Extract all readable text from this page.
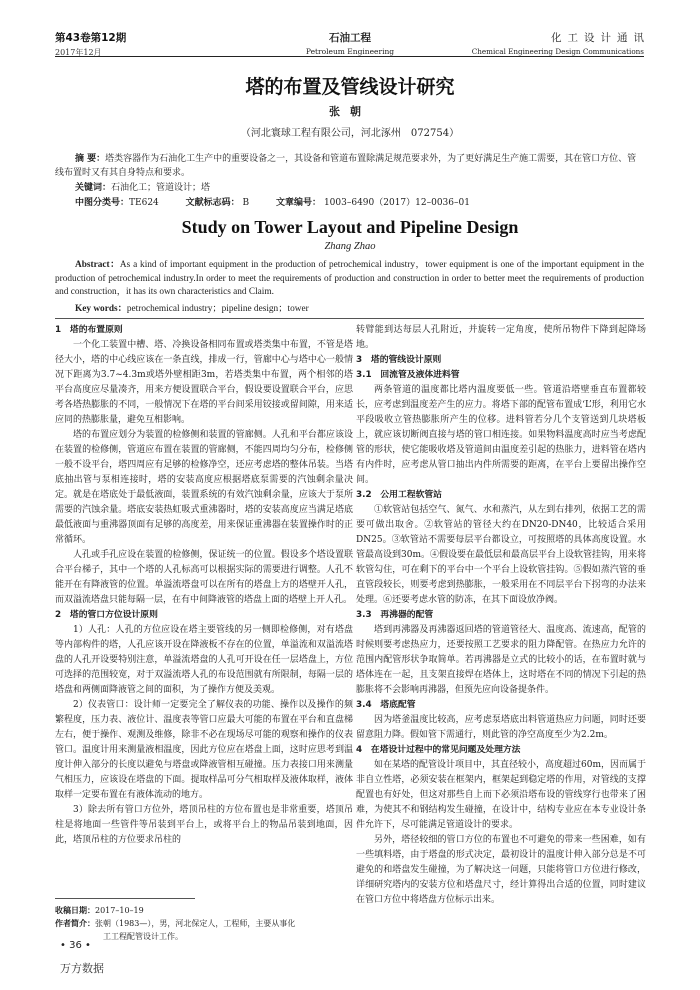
第43卷第12期
2017年12月
石油工程
Petroleum Engineering
化工设计通讯
Chemical Engineering Design Communications
塔的布置及管线设计研究
张朝
（河北寰球工程有限公司，河北涿州　072754）
摘 要：塔类容器作为石油化工生产中的重要设备之一，其设备和管道布置除满足规范要求外，为了更好满足生产施工需要，其在管口方位、管线布置时又有其自身特点和要求。
关键词：石油化工；管道设计；塔
中图分类号：TE624	文献标志码： B	文章编号： 1003–6490（2017）12–0036–01
Study on Tower Layout and Pipeline Design
Zhang Zhao
Abstract：As a kind of important equipment in the production of petrochemical industry，tower equipment is one of the important equipment in the production of petrochemical industry.In order to meet the requirements of production and construction in order to better meet the requirements of production and construction，it has its own characteristics and Claim.
Key words：petrochemical industry；pipeline design；tower

1　塔的布置原则

一个化工装置中槽、塔、冷换设备相同布置或塔类集中布置，不管是塔径大小，塔的中心线应该在一条直线，排成一行，管廊中心与塔中心一般情况下距离为3.7~4.3m或塔外壁相距3m，若塔类集中布置，两个相邻的塔平台高度应尽量凑齐，用来方便设置联合平台，假设要设置联合平台，应思考各塔热膨胀的不同，一般情况下在塔的平台间采用铰接或留间隙，用来适应同的热膨胀量，避免互相影响。

塔的布置应划分为装置的检修侧和装置的管廊侧。人孔和平台都应该设在装置的检修侧，管道应布置在装置的管廊侧，不能四周均匀分布，检修侧一般不设平台，塔四周应有足够的检修净空，还应考虑塔的整体吊装。当塔底抽出管与泵相连接时，塔的安装高度应根据塔底泵需要的汽蚀剩余量决定。就是在塔底处于最低液面，装置系统的有效汽蚀剩余量，应该大于泵所需要的汽蚀余量。塔底安装热虹吸式重沸器时，塔的安装高度应当满足塔底最低液面与重沸器顶面有足够的高度差，用来保证重沸器在装置操作时的正常循环。

人孔或手孔应设在装置的检修侧，保证统一的位置。假设多个塔设置联合平台梯子，其中一个塔的人孔标高可以根据实际的需要进行调整。人孔不能开在有降液管的位置。单溢流塔盘可以在所有的塔盘上方的塔壁开人孔，而双溢流塔盘只能每隔一层，在有中间降液管的塔盘上面的塔壁上开人孔。

2　塔的管口方位设计原则

1）人孔：人孔的方位应设在塔主要管线的另一侧即检修侧，对有塔盘等内部构件的塔，人孔应该开设在降液板不存在的位置，单溢流和双溢流塔盘的人孔开设要特别注意，单溢流塔盘的人孔可开设在任一层塔盘上，方位可选择的范围较宽，对于双溢流塔人孔的布设范围就有所限制，每隔一层的塔盘和两侧面降液管之间的面积，为了操作方便及美观。

2）仪表管口：设计师一定要完全了解仪表的功能、操作以及操作的频繁程度，压力表、液位计、温度表等管口应最大可能的布置在平台和直盘梯左右，便于操作、观测及维修，除非不必在现场尽可能的观察和操作的仪表管口。温度计用来测量液相温度，因此方位应在塔盘上面，这时应思考到温度计伸入部分的长度以避免与塔盘或降液管相互碰撞。压力表接口用来测量气相压力，应该设在塔盘的下面。提取样品可分气相取样及液体取样，液体取样一定要布置在有液体流动的地方。

3）除去所有管口方位外，塔顶吊柱的方位布置也是非常重要，塔顶吊柱是将地面一些管件等吊装到平台上，或将平台上的物品吊装到地面，因此，塔顶吊柱的方位要求吊柱的

转臂能到达每层人孔附近，并旋转一定角度，使所吊物件下降到起降场地。

3　塔的管线设计原则

3.1　回流管及液体进料管

两条管道的温度都比塔内温度要低一些。管道沿塔壁垂直布置都较长，应考虑到温度差产生的应力。将塔下部的配管布置成‘L’形，利用它水平段吸收立管热膨胀所产生的位移。进料管若分几个支管送到几块塔板上，就应该切断阀直接与塔的管口相连接。如果物料温度高时应当考虑配管的形状，使它能吸收塔及管道间由温度差引起的热胀力，进料管在塔内有内件时，应考虑从管口抽出内件所需要的距离，在平台上要留出操作空间。

3.2　公用工程软管站

①软管站包括空气、氮气、水和蒸汽，从左到右排列，依据工艺的需要可做出取舍。②软管站的管径大约在DN20-DN40，比较适合采用DN25。③软管站不需要每层平台都设立，可按照塔的具体高度设置。水管最高设到30m。④假设要在最低层和最高层平台上设软管挂钩，用来将软管勾住，可在剩下的平台中一个平台上设软管挂钩。⑤假如蒸汽管的垂直管段较长，则要考虑到热膨胀，一般采用在不同层平台下拐弯的办法来处理。⑥还要考虑水管的防冻，在其下面设放净阀。

3.3　再沸器的配管

塔到再沸器及再沸器返回塔的管道管径大、温度高、流速高，配管的时候则要考虑热应力，还要按照工艺要求的阻力降配管。在热应力允许的范围内配管形状争取简单。若再沸器是立式的比较小的话，在布置时就与塔体连在一起，且支架直接焊在塔体上，这时塔在不同的情况下引起的热膨胀将不会影响再沸器，但预先应向设备提条件。

3.4　塔底配管

因为塔釜温度比较高，应考虑泵塔底出料管道热应力问题，同时还要留意阻力降。假如管下需通行，则此管的净空高度至少为2.2m。

4　在塔设计过程中的常见问题及处理方法

如在某塔的配管设计项目中，其直径较小，高度超过60m，因而属于非自立性塔，必须安装在框架内，框架起到稳定塔的作用，对管线的支撑配置也有好处，但这对那些自上而下必须沿塔布设的管线穿行也带来了困难，为使其不和钢结构发生碰撞，在设计中，结构专业应在本专业设计条件允许下，尽可能满足管道设计的要求。

另外，塔径较细的管口方位的布置也不可避免的带来一些困难，如有一些填料塔，由于塔盘的形式决定，最初设计的温度计伸入部分总是不可避免的和塔盘发生碰撞，为了解决这一问题，只能将管口方位进行修改，详细研究塔内的安装方位和塔盘尺寸，经计算得出合适的位置，同时建议在管口方位中将塔盘方位标示出来。

收稿日期：2017–10–19
作者简介：张朝（1983—），男，河北保定人，工程师，主要从事化
工工程配管设计工作。
• 36 •
万方数据
